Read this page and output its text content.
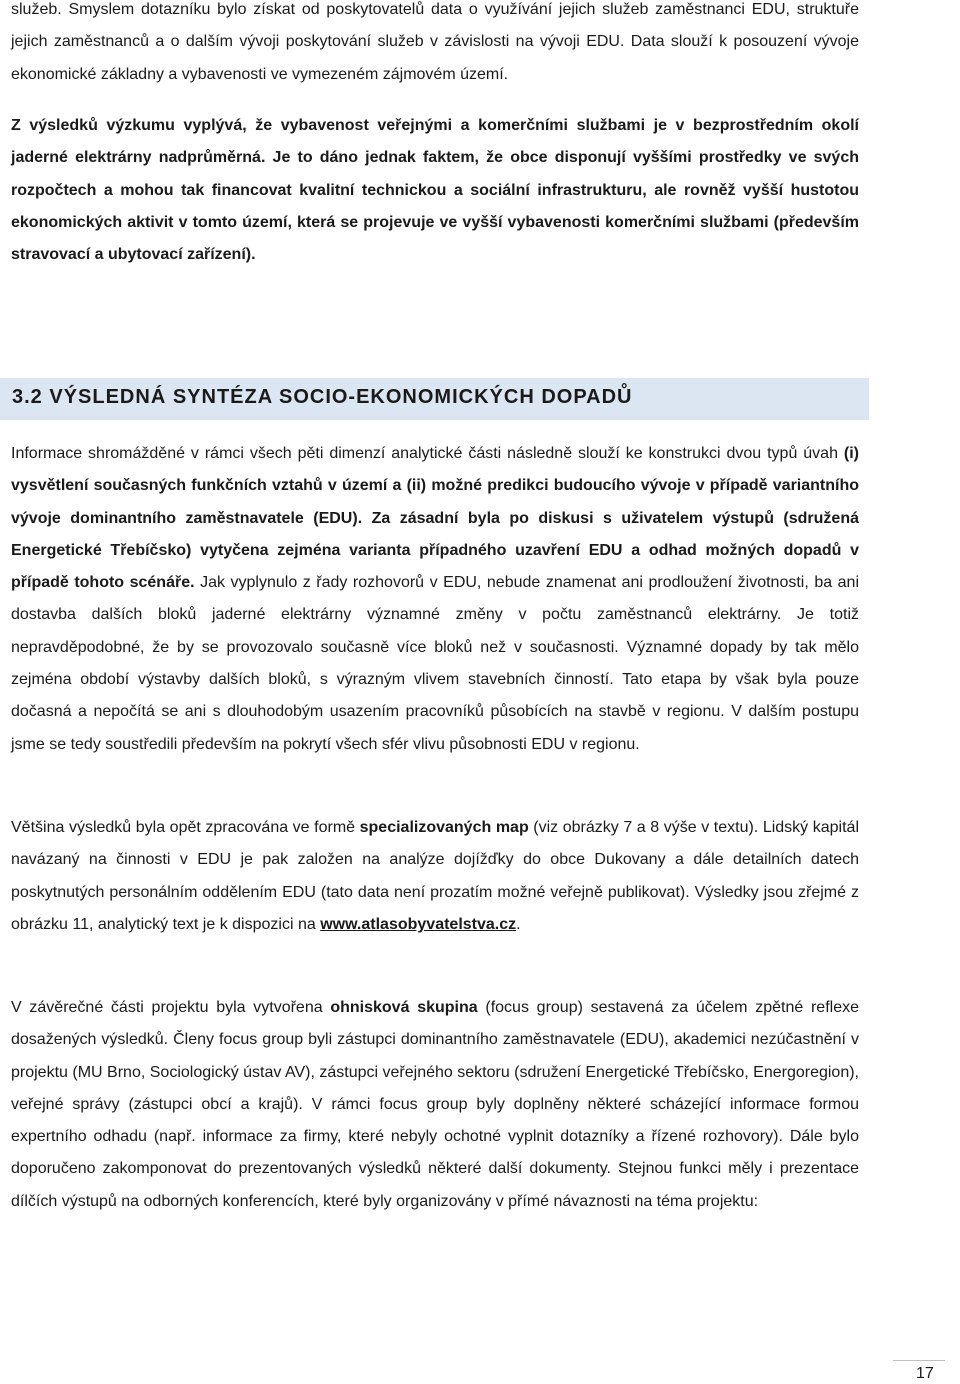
služeb. Smyslem dotazníku bylo získat od poskytovatelů data o využívání jejich služeb zaměstnanci EDU, struktuře jejich zaměstnanců a o dalším vývoji poskytování služeb v závislosti na vývoji EDU. Data slouží k posouzení vývoje ekonomické základny a vybavenosti ve vymezeném zájmovém území.

Z výsledků výzkumu vyplývá, že vybavenost veřejnými a komerčními službami je v bezprostředním okolí jaderné elektrárny nadprůměrná. Je to dáno jednak faktem, že obce disponují vyššími prostředky ve svých rozpočtech a mohou tak financovat kvalitní technickou a sociální infrastrukturu, ale rovněž vyšší hustotou ekonomických aktivit v tomto území, která se projevuje ve vyšší vybavenosti komerčními službami (především stravovací a ubytovací zařízení).

3.2 VÝSLEDNÁ SYNTÉZA SOCIO-EKONOMICKÝCH DOPADŮ

Informace shromážděné v rámci všech pěti dimenzí analytické části následně slouží ke konstrukci dvou typů úvah (i) vysvětlení současných funkčních vztahů v území a (ii) možné predikci budoucího vývoje v případě variantního vývoje dominantního zaměstnavatele (EDU). Za zásadní byla po diskusi s uživatelem výstupů (sdružená Energetické Třebíčsko) vytyčena zejména varianta případného uzavření EDU a odhad možných dopadů v případě tohoto scénáře. Jak vyplynulo z řady rozhovorů v EDU, nebude znamenat ani prodloužení životnosti, ba ani dostavba dalších bloků jaderné elektrárny významné změny v počtu zaměstnanců elektrárny. Je totiž nepravděpodobné, že by se provozovalo současně více bloků než v současnosti. Významné dopady by tak mělo zejména období výstavby dalších bloků, s výrazným vlivem stavebních činností. Tato etapa by však byla pouze dočasná a nepočítá se ani s dlouhodobým usazením pracovníků působících na stavbě v regionu. V dalším postupu jsme se tedy soustředili především na pokrytí všech sfér vlivu působnosti EDU v regionu.

Většina výsledků byla opět zpracována ve formě specializovaných map (viz obrázky 7 a 8 výše v textu). Lidský kapitál navázaný na činnosti v EDU je pak založen na analýze dojížďky do obce Dukovany a dále detailních datech poskytnutých personálním oddělením EDU (tato data není prozatím možné veřejně publikovat). Výsledky jsou zřejmé z obrázku 11, analytický text je k dispozici na www.atlasobyvatelstva.cz.

V závěrečné části projektu byla vytvořena ohnisková skupina (focus group) sestavená za účelem zpětné reflexe dosažených výsledků. Členy focus group byli zástupci dominantního zaměstnavatele (EDU), akademici nezúčastnění v projektu (MU Brno, Sociologický ústav AV), zástupci veřejného sektoru (sdružení Energetické Třebíčsko, Energoregion), veřejné správy (zástupci obcí a krajů). V rámci focus group byly doplněny některé scházející informace formou expertního odhadu (např. informace za firmy, které nebyly ochotné vyplnit dotazníky a řízené rozhovory). Dále bylo doporučeno zakomponovat do prezentovaných výsledků některé další dokumenty. Stejnou funkci měly i prezentace dílčích výstupů na odborných konferencích, které byly organizovány v přímé návaznosti na téma projektu:

17
